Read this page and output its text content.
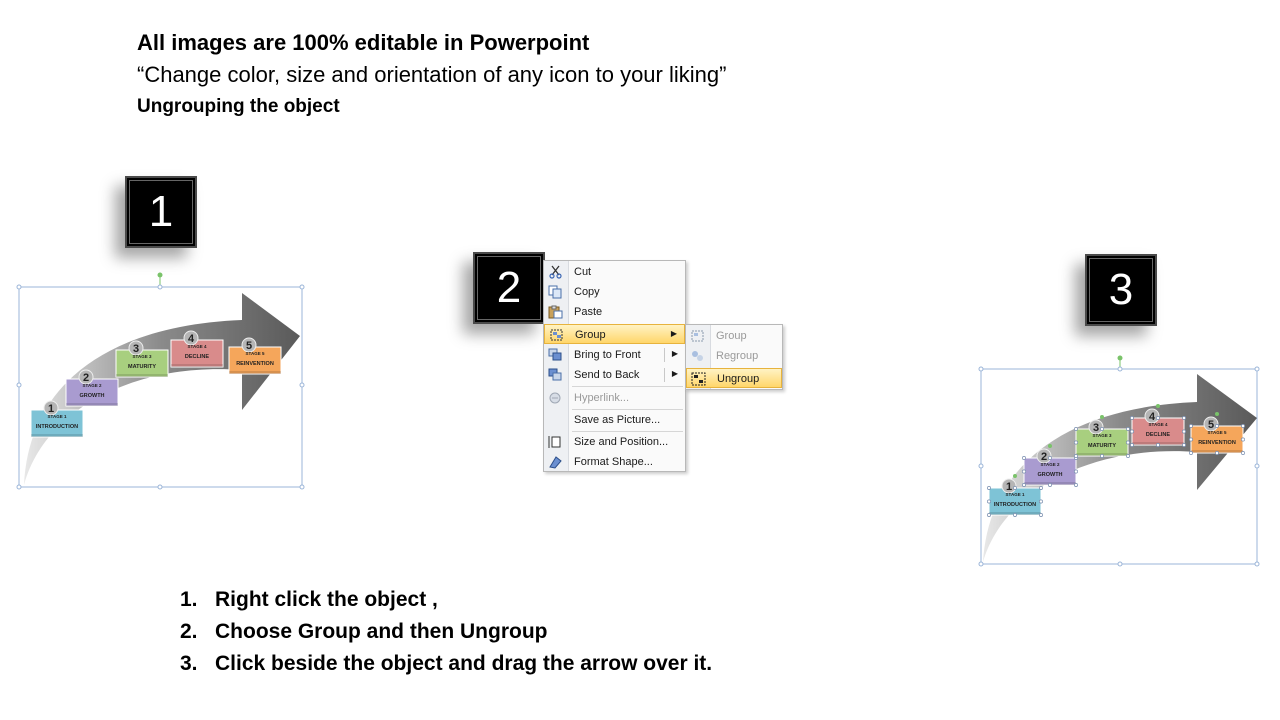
All images are 100% editable in Powerpoint
“Change color, size and orientation of any icon to your liking”
Ungrouping the object
1
2	3
1
STAGE 1
INTRODUCTION
2
STAGE 2
GROWTH
3
STAGE 3
MATURITY
4
STAGE 4
DECLINE
5
STAGE 5
REINVENTION
Cut
Copy
Paste
Group	▶
Bring to Front	▶
Send to Back	▶
Hyperlink...
Save as Picture...
Size and Position...
Format Shape...
Group
Regroup
Ungroup
1
STAGE 1
INTRODUCTION
2
STAGE 2
GROWTH
3
STAGE 3
MATURITY
4
STAGE 4
DECLINE
5
STAGE 5
REINVENTION
1. Right click the object ,
2. Choose Group and then Ungroup
3. Click beside the object and drag the arrow over it.
